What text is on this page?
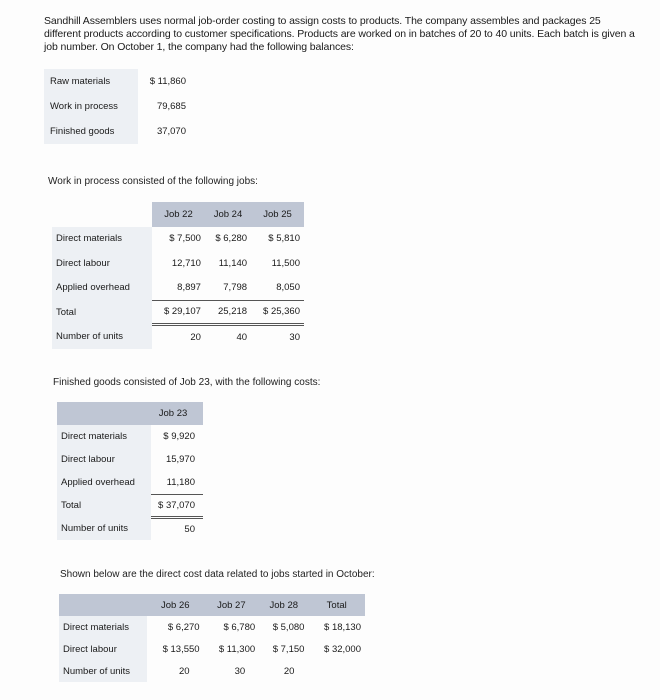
Sandhill Assemblers uses normal job-order costing to assign costs to products. The company assembles and packages 25 different products according to customer specifications. Products are worked on in batches of 20 to 40 units. Each batch is given a job number. On October 1, the company had the following balances:
Raw materials	$ 11,860
Work in process	79,685
Finished goods	37,070
Work in process consisted of the following jobs:
	Job 22	Job 24	Job 25
Direct materials	$ 7,500	$ 6,280	$ 5,810
Direct labour	12,710	11,140	11,500
Applied overhead	8,897	7,798	8,050
Total	$ 29,107	25,218	$ 25,360
Number of units	20	40	30
Finished goods consisted of Job 23, with the following costs:
	Job 23
Direct materials	$ 9,920
Direct labour	15,970
Applied overhead	11,180
Total	$ 37,070
Number of units	50
Shown below are the direct cost data related to jobs started in October:
	Job 26	Job 27	Job 28	Total
Direct materials	$ 6,270	$ 6,780	$ 5,080	$ 18,130
Direct labour	$ 13,550	$ 11,300	$ 7,150	$ 32,000
Number of units	20	30	20	
